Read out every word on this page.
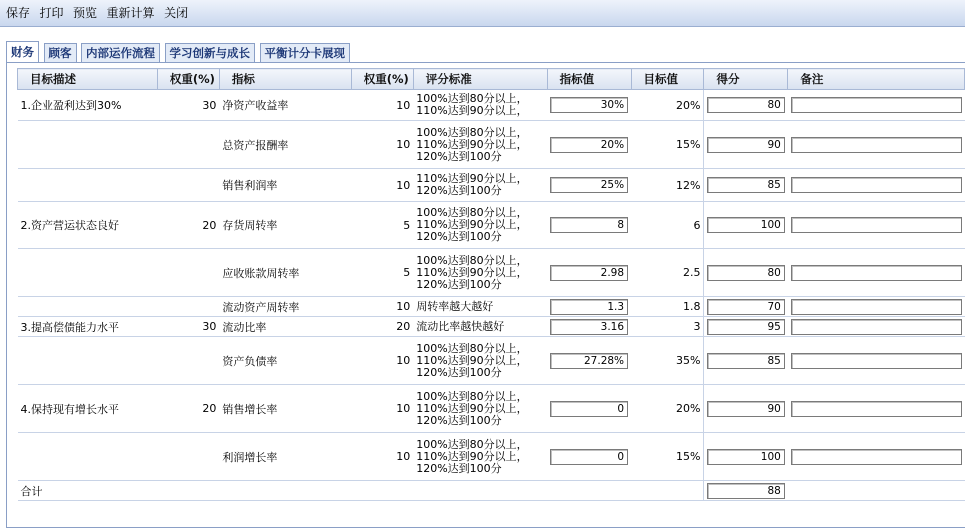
保存 打印 预览 重新计算 关闭
财务 顾客 内部运作流程 学习创新与成长 平衡计分卡展现
目标描述	权重(%)	指标	权重(%)	评分标准	指标值	目标值	得分	备注
1.企业盈利达到30%	30	净资产收益率	10	100%达到80分以上，
110%达到90分以上，	30%	20%	80	

		总资产报酬率	10	100%达到80分以上，
110%达到90分以上，
120%达到100分	20%	15%	90	

		销售利润率	10	110%达到90分以上，
120%达到100分	25%	12%	85	

2.资产营运状态良好	20	存货周转率	5	100%达到80分以上，
110%达到90分以上，
120%达到100分	8	6	100	

		应收账款周转率	5	100%达到80分以上，
110%达到90分以上，
120%达到100分	2.98	2.5	80	

		流动资产周转率	10	周转率越大越好	1.3	1.8	70	

3.提高偿债能力水平	30	流动比率	20	流动比率越快越好	3.16	3	95	

		资产负债率	10	100%达到80分以上，
110%达到90分以上，
120%达到100分	27.28%	35%	85	

4.保持现有增长水平	20	销售增长率	10	100%达到80分以上，
110%达到90分以上，
120%达到100分	0	20%	90	

		利润增长率	10	100%达到80分以上，
110%达到90分以上，
120%达到100分	0	15%	100	

合计							88	
